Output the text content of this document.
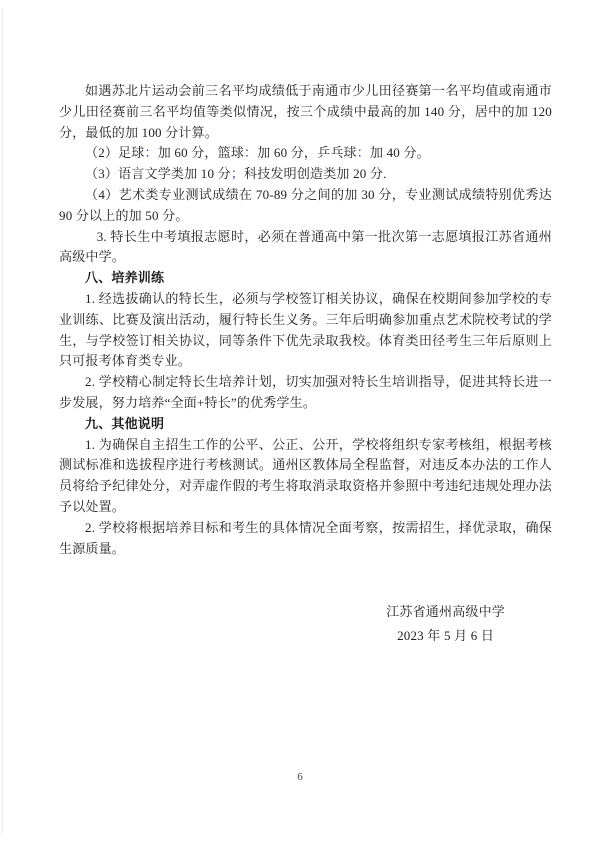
如遇苏北片运动会前三名平均成绩低于南通市少儿田径赛第一名平均值或南通市少儿田径赛前三名平均值等类似情况，按三个成绩中最高的加 140 分，居中的加 120 分，最低的加 100 分计算。

（2）足球：加 60 分，篮球：加 60 分，乒乓球：加 40 分。

（3）语言文学类加 10 分；科技发明创造类加 20 分.

（4）艺术类专业测试成绩在 70-89 分之间的加 30 分，专业测试成绩特别优秀达 90 分以上的加 50 分。

3. 特长生中考填报志愿时，必须在普通高中第一批次第一志愿填报江苏省通州高级中学。

八、培养训练

1. 经选拔确认的特长生，必须与学校签订相关协议，确保在校期间参加学校的专业训练、比赛及演出活动，履行特长生义务。三年后明确参加重点艺术院校考试的学生，与学校签订相关协议，同等条件下优先录取我校。体育类田径考生三年后原则上只可报考体育类专业。

2. 学校精心制定特长生培养计划，切实加强对特长生培训指导，促进其特长进一步发展，努力培养“全面+特长”的优秀学生。

九、其他说明

1. 为确保自主招生工作的公平、公正、公开，学校将组织专家考核组，根据考核测试标准和选拔程序进行考核测试。通州区教体局全程监督，对违反本办法的工作人员将给予纪律处分，对弄虚作假的考生将取消录取资格并参照中考违纪违规处理办法予以处置。

2. 学校将根据培养目标和考生的具体情况全面考察，按需招生，择优录取，确保生源质量。

江苏省通州高级中学
2023 年 5 月 6 日
6
